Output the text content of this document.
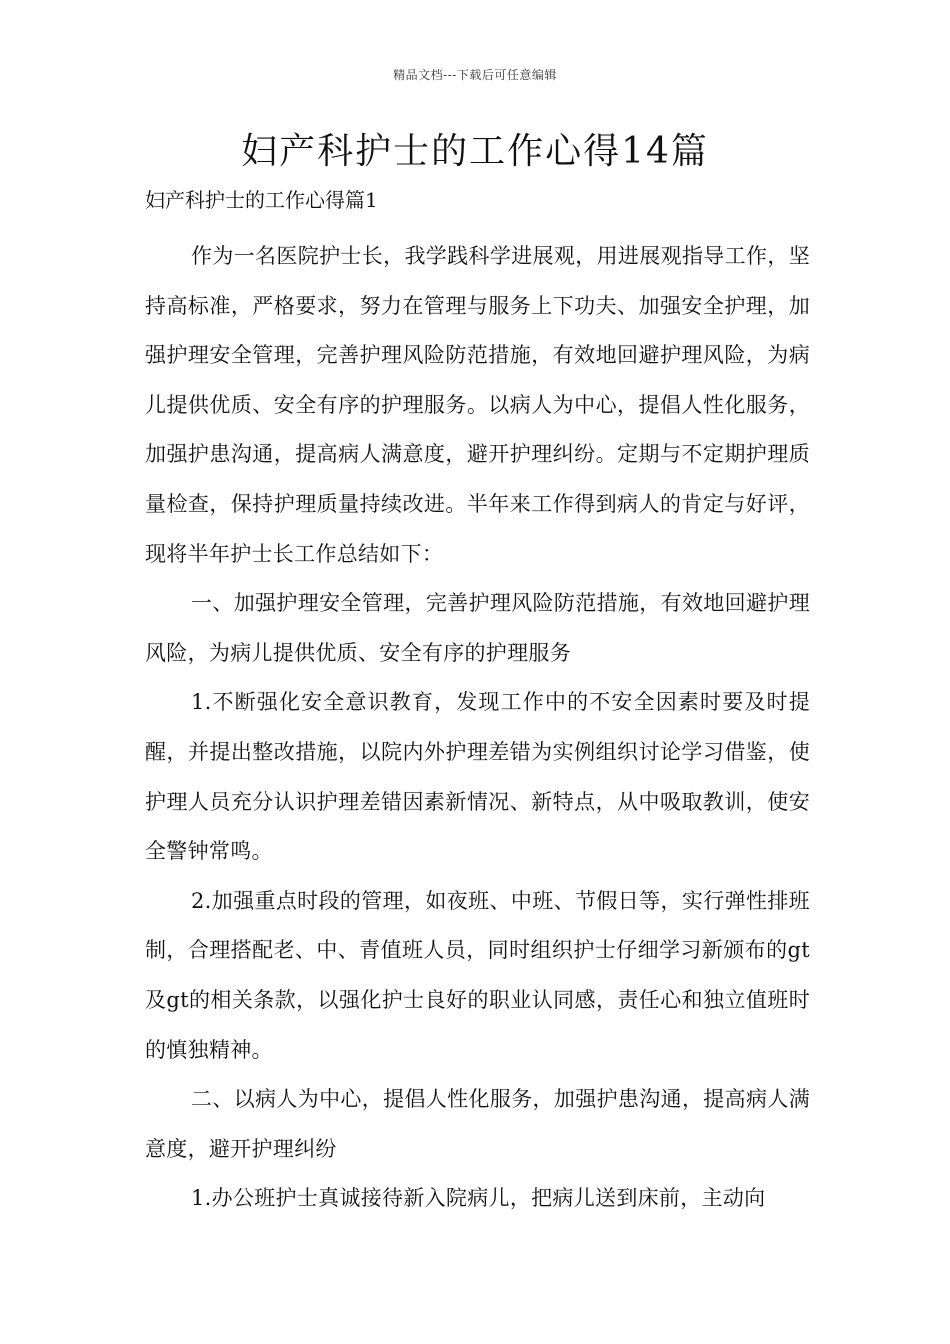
精品文档---下载后可任意编辑
妇产科护士的工作心得14篇
妇产科护士的工作心得篇1

作为一名医院护士长，我学践科学进展观，用进展观指导工作，坚持高标准，严格要求，努力在管理与服务上下功夫、加强安全护理，加强护理安全管理，完善护理风险防范措施，有效地回避护理风险，为病儿提供优质、安全有序的护理服务。以病人为中心，提倡人性化服务，加强护患沟通，提高病人满意度，避开护理纠纷。定期与不定期护理质量检查，保持护理质量持续改进。半年来工作得到病人的肯定与好评，现将半年护士长工作总结如下：

一、加强护理安全管理，完善护理风险防范措施，有效地回避护理风险，为病儿提供优质、安全有序的护理服务

1.不断强化安全意识教育，发现工作中的不安全因素时要及时提醒，并提出整改措施，以院内外护理差错为实例组织讨论学习借鉴，使护理人员充分认识护理差错因素新情况、新特点，从中吸取教训，使安全警钟常鸣。

2.加强重点时段的管理，如夜班、中班、节假日等，实行弹性排班制，合理搭配老、中、青值班人员，同时组织护士仔细学习新颁布的gt及gt的相关条款，以强化护士良好的职业认同感，责任心和独立值班时的慎独精神。

二、以病人为中心，提倡人性化服务，加强护患沟通，提高病人满意度，避开护理纠纷

1.办公班护士真诚接待新入院病儿，把病儿送到床前，主动向
